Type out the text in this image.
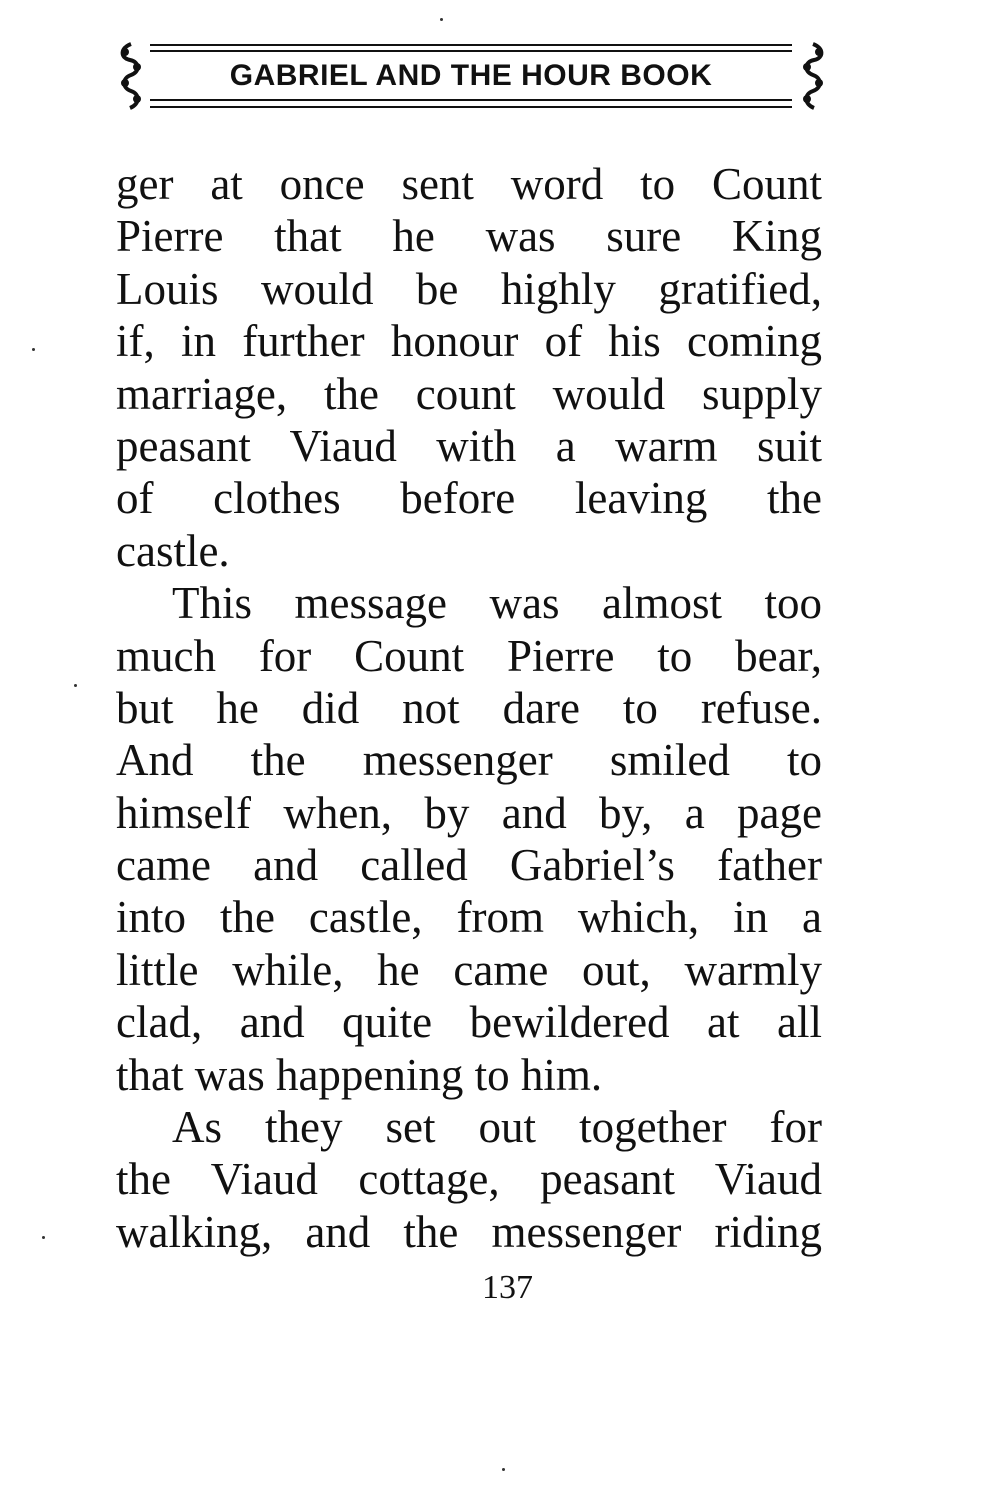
GABRIEL AND THE HOUR BOOK
ger at once sent word to Count
Pierre that he was sure King
Louis would be highly gratified,
if, in further honour of his coming
marriage, the count would supply
peasant Viaud with a warm suit
of clothes before leaving the
castle.
This message was almost too
much for Count Pierre to bear,
but he did not dare to refuse.
And the messenger smiled to
himself when, by and by, a page
came and called Gabriel’s father
into the castle, from which, in a
little while, he came out, warmly
clad, and quite bewildered at all
that was happening to him.
As they set out together for
the Viaud cottage, peasant Viaud
walking, and the messenger riding
137
